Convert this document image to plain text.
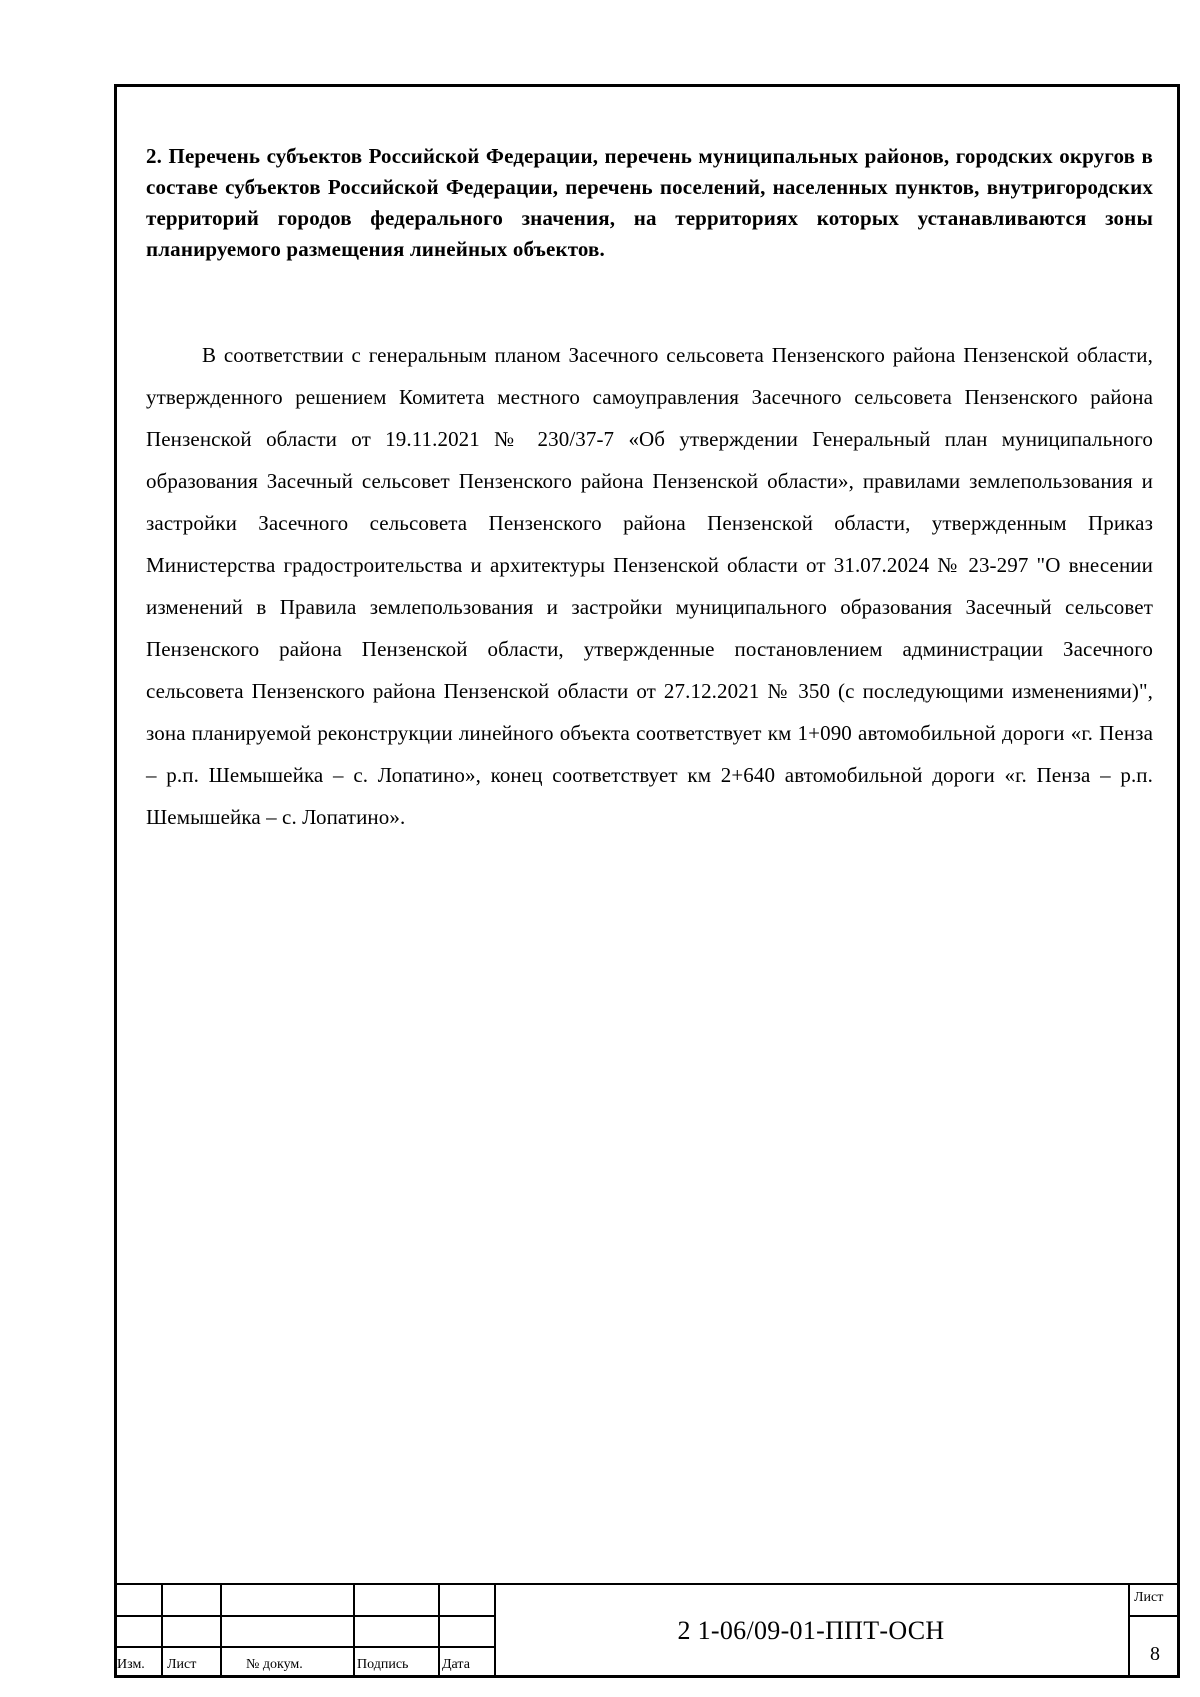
2. Перечень субъектов Российской Федерации, перечень муниципальных районов, городских округов в составе субъектов Российской Федерации, перечень поселений, населенных пунктов, внутригородских территорий городов федерального значения, на территориях которых устанавливаются зоны планируемого размещения линейных объектов.

В соответствии с генеральным планом Засечного сельсовета Пензенского района Пензенской области, утвержденного решением Комитета местного самоуправления Засечного сельсовета Пензенского района Пензенской области от 19.11.2021 № 230/37-7 «Об утверждении Генеральный план муниципального образования Засечный сельсовет Пензенского района Пензенской области», правилами землепользования и застройки Засечного сельсовета Пензенского района Пензенской области, утвержденным Приказ Министерства градостроительства и архитектуры Пензенской области от 31.07.2024 № 23-297 "О внесении изменений в Правила землепользования и застройки муниципального образования Засечный сельсовет Пензенского района Пензенской области, утвержденные постановлением администрации Засечного сельсовета Пензенского района Пензенской области от 27.12.2021 № 350 (с последующими изменениями)", зона планируемой реконструкции линейного объекта соответствует км 1+090 автомобильной дороги «г. Пенза – р.п. Шемышейка – с. Лопатино», конец соответствует км 2+640 автомобильной дороги «г. Пенза – р.п. Шемышейка – с. Лопатино».

Изм. Лист	№ докум.	Подпись Дата
2 1-06/09-01-ППТ-ОСН
Лист
8
